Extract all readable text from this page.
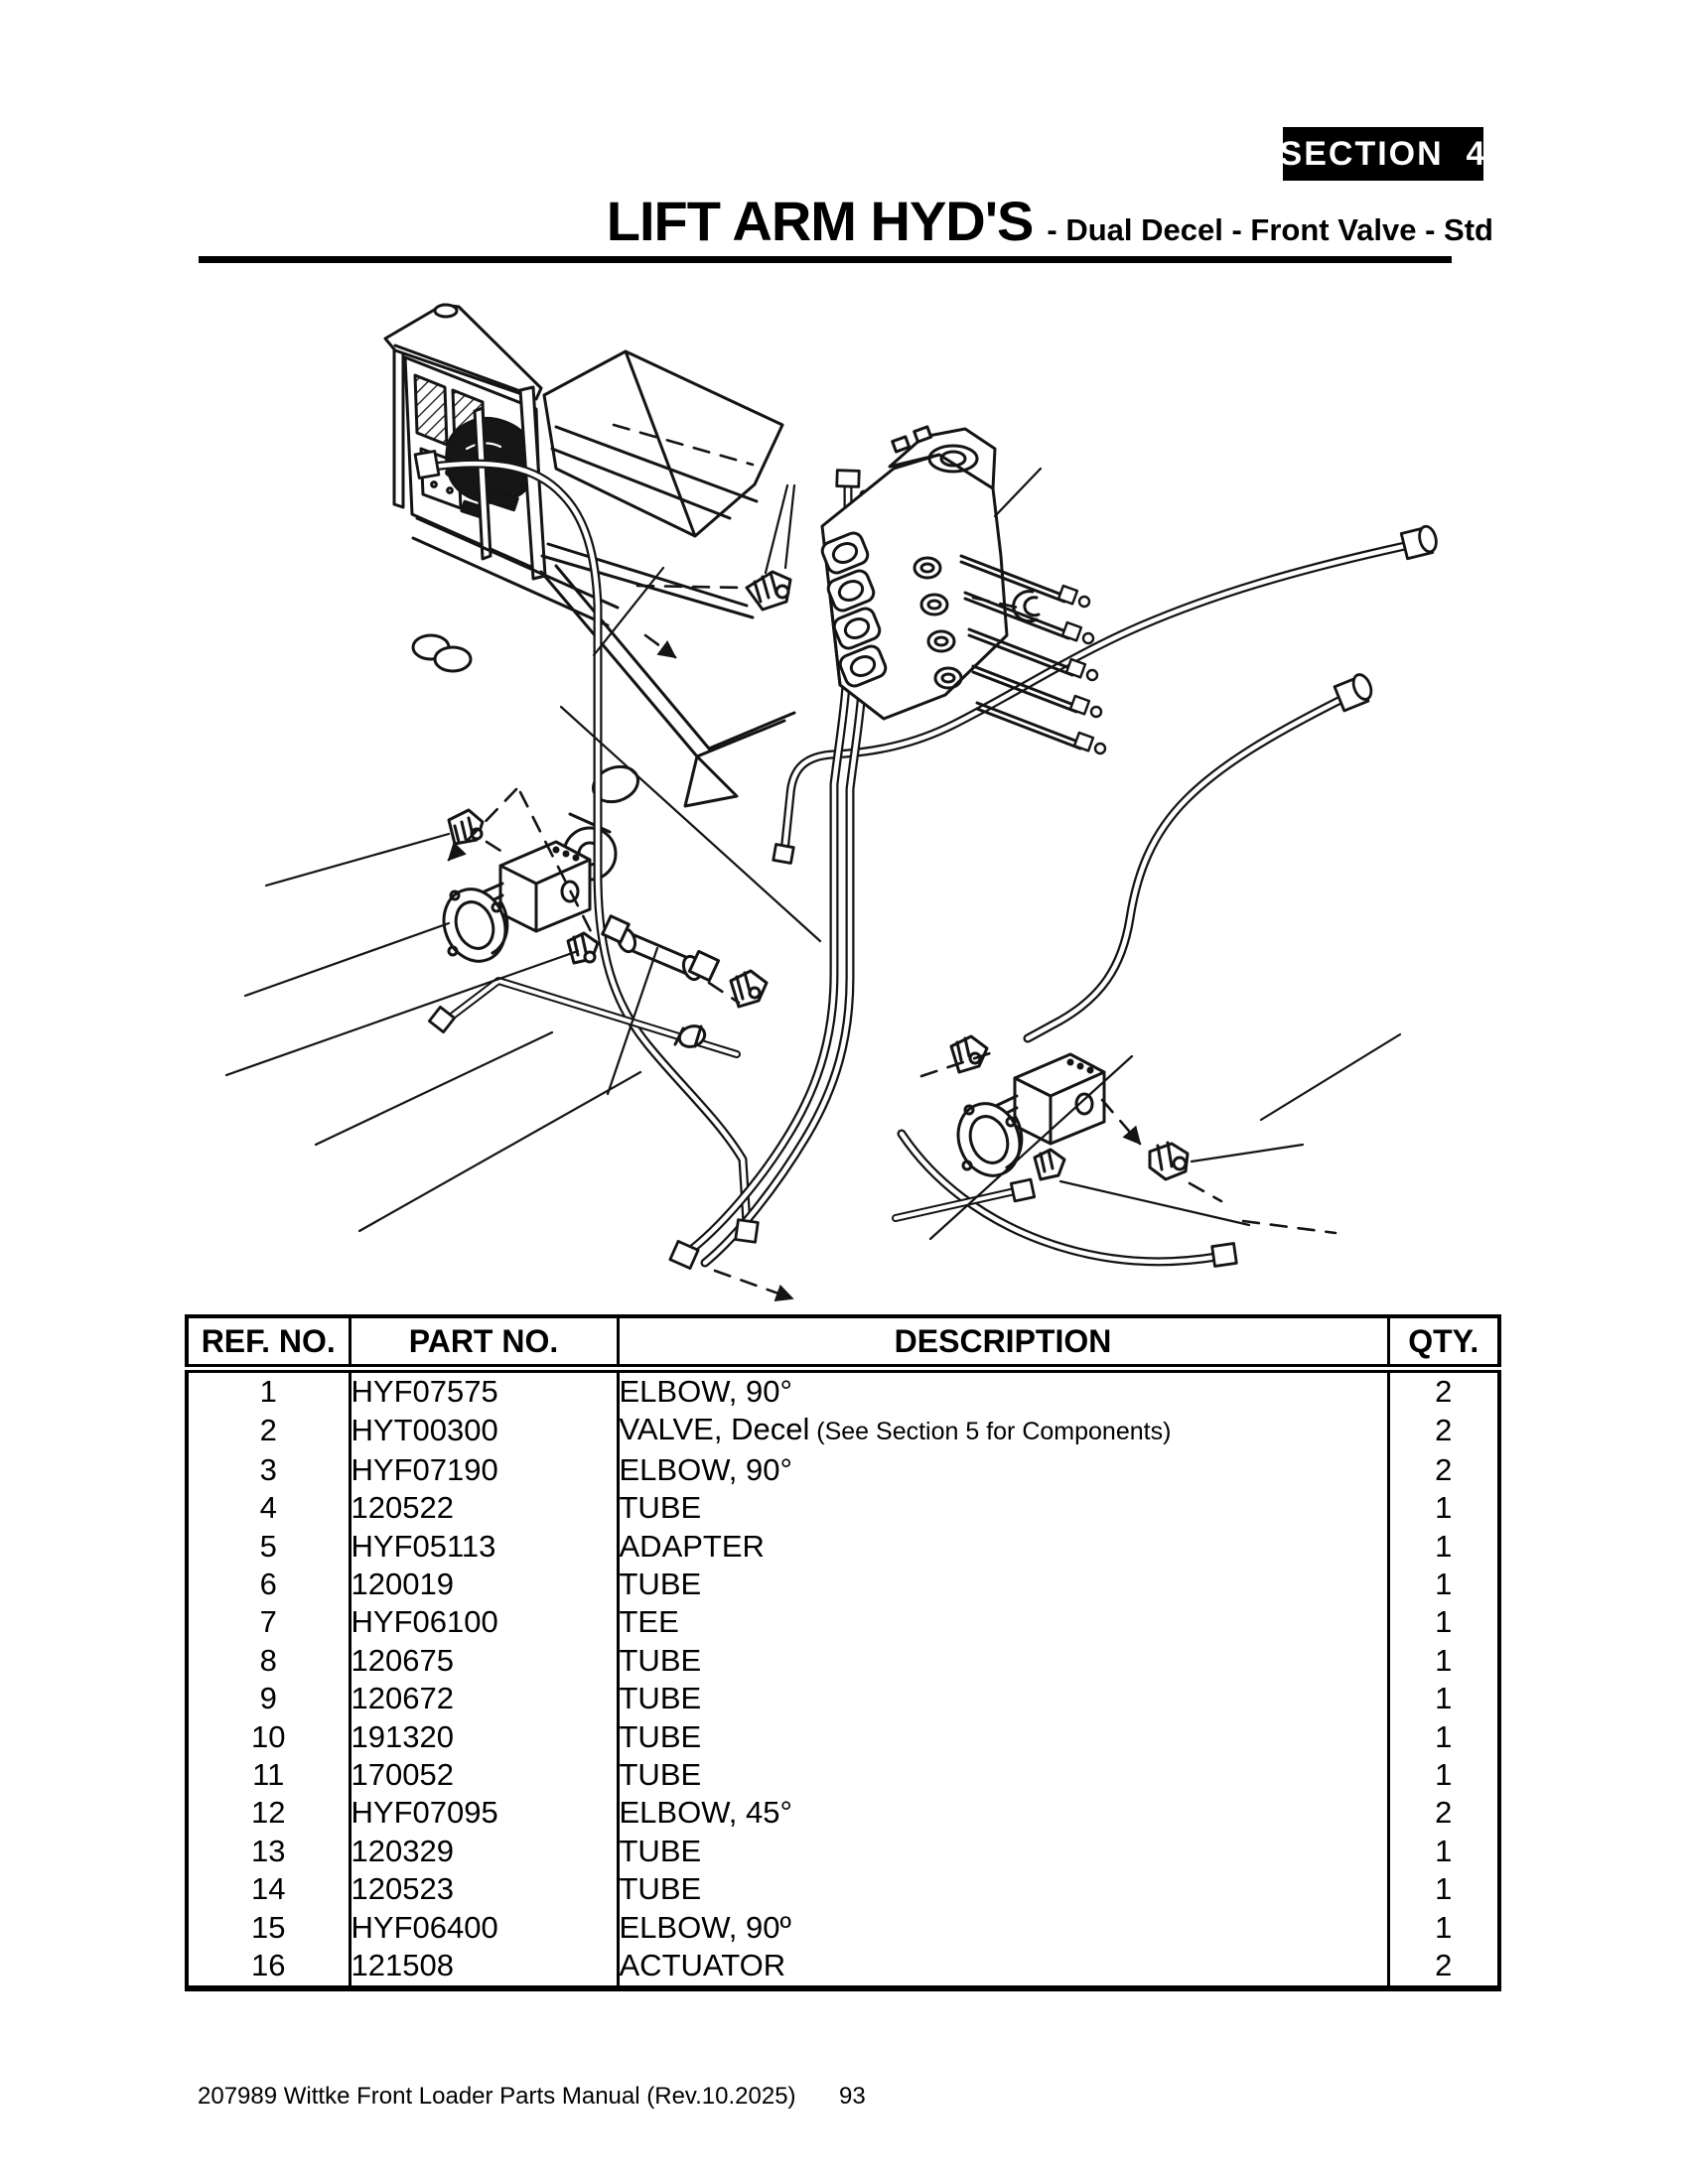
SECTION  4
LIFT ARM HYD'S - Dual Decel - Front Valve - Std
REF. NO.	PART NO.	DESCRIPTION	QTY.
1	HYF07575	ELBOW, 90°	2
2	HYT00300	VALVE, Decel (See Section 5 for Components)	2
3	HYF07190	ELBOW, 90°	2
4	120522	TUBE	1
5	HYF05113	ADAPTER	1
6	120019	TUBE	1
7	HYF06100	TEE	1
8	120675	TUBE	1
9	120672	TUBE	1
10	191320	TUBE	1
11	170052	TUBE	1
12	HYF07095	ELBOW, 45°	2
13	120329	TUBE	1
14	120523	TUBE	1
15	HYF06400	ELBOW, 90º	1
16	121508	ACTUATOR	2
207989 Wittke Front Loader Parts Manual (Rev.10.2025) 93
